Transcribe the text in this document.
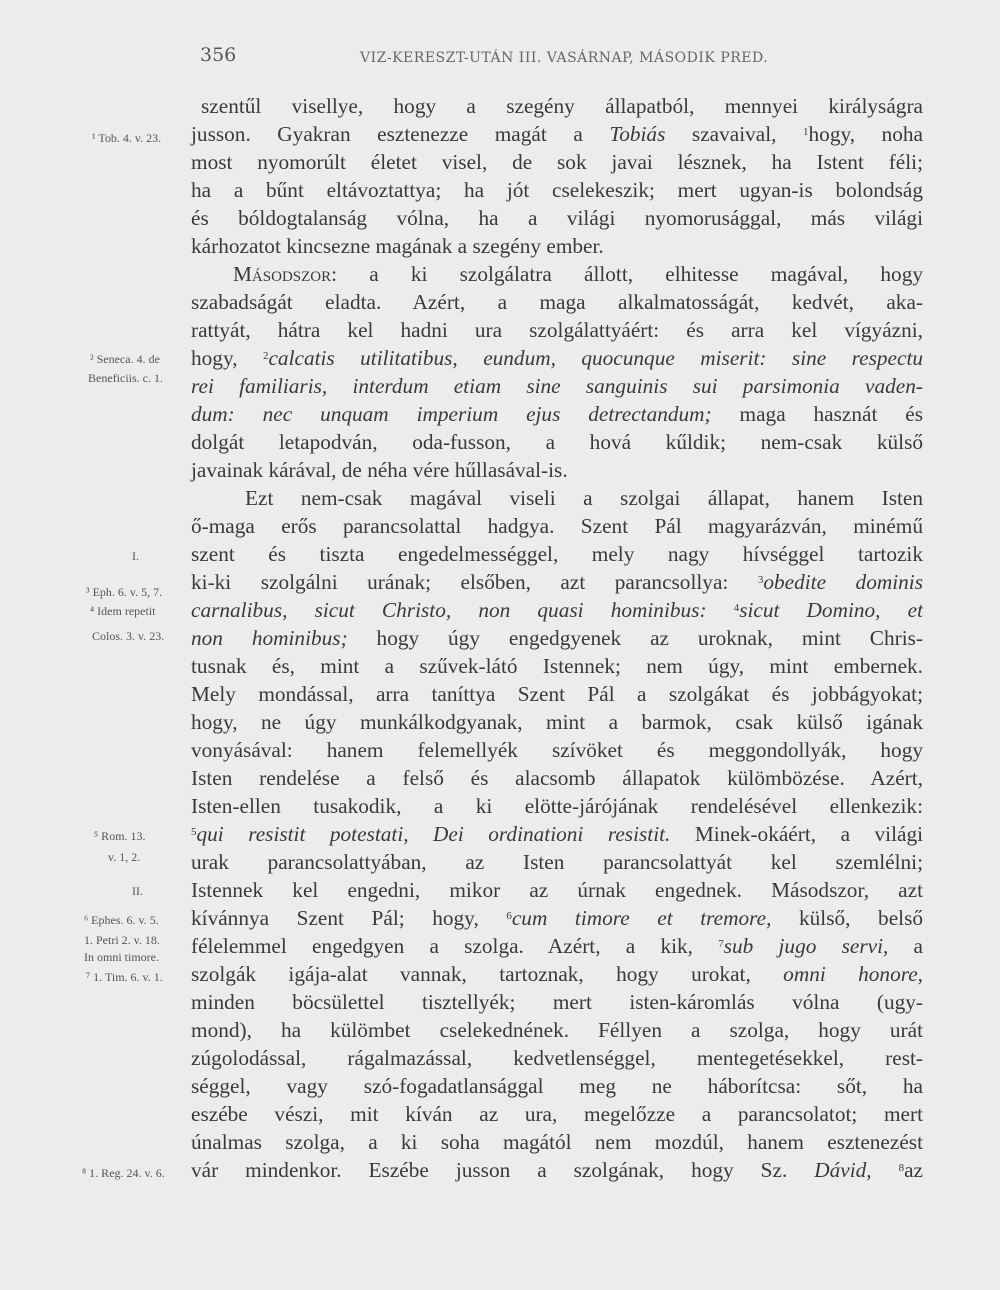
356	VIZ-KERESZT-UTÁN III. VASÁRNAP, MÁSODIK PRED.
¹ Tob. 4. v. 23.
² Seneca. 4. de
Beneficiis. c. 1.
I.
³ Eph. 6. v. 5, 7.
⁴ Idem repetit
Colos. 3. v. 23.
⁵ Rom. 13.
v. 1, 2.
II.
⁶ Ephes. 6. v. 5.
1. Petri 2. v. 18.
In omni timore.
⁷ 1. Tim. 6. v. 1.
⁸ 1. Reg. 24. v. 6.
szentűl visellye, hogy a szegény állapatból, mennyei királyságra
jusson. Gyakran esztenezze magát a Tobiás szavaival, $^1$hogy, noha
most nyomorúlt életet visel, de sok javai lésznek, ha Istent féli;
ha a bűnt eltávoztattya; ha jót cselekeszik; mert ugyan-is bolondság
és bóldogtalanság vólna, ha a világi nyomorusággal, más világi
kárhozatot kincsezne magának a szegény ember.
Másodszor: a ki szolgálatra állott, elhitesse magával, hogy
szabadságát eladta. Azért, a maga alkalmatosságát, kedvét, aka-
rattyát, hátra kel hadni ura szolgálattyáért: és arra kel vígyázni,
hogy, $^2$calcatis utilitatibus, eundum, quocunque miserit: sine respectu
rei familiaris, interdum etiam sine sanguinis sui parsimonia vaden-
dum: nec unquam imperium ejus detrectandum; maga hasznát és
dolgát letapodván, oda-fusson, a hová kűldik; nem-csak külső
javainak kárával, de néha vére hűllasával-is.
Ezt nem-csak magával viseli a szolgai állapat, hanem Isten
ő-maga erős parancsolattal hadgya. Szent Pál magyarázván, minémű
szent és tiszta engedelmességgel, mely nagy hívséggel tartozik
ki-ki szolgálni urának; elsőben, azt parancsollya: $^3$obedite dominis
carnalibus, sicut Christo, non quasi hominibus: $^4$sicut Domino, et
non hominibus; hogy úgy engedgyenek az uroknak, mint Chris-
tusnak és, mint a szűvek-látó Istennek; nem úgy, mint embernek.
Mely mondással, arra taníttya Szent Pál a szolgákat és jobbágyokat;
hogy, ne úgy munkálkodgyanak, mint a barmok, csak külső igának
vonyásával: hanem felemellyék szívöket és meggondollyák, hogy
Isten rendelése a felső és alacsomb állapatok külömbözése. Azért,
Isten-ellen tusakodik, a ki elötte-járójának rendelésével ellenkezik:
$^5$qui resistit potestati, Dei ordinationi resistit. Minek-okáért, a világi
urak parancsolattyában, az Isten parancsolattyát kel szemlélni;
Istennek kel engedni, mikor az úrnak engednek. Másodszor, azt
kívánnya Szent Pál; hogy, $^6$cum timore et tremore, külső, belső
félelemmel engedgyen a szolga. Azért, a kik, $^7$sub jugo servi, a
szolgák igája-alat vannak, tartoznak, hogy urokat, omni honore,
minden böcsülettel tisztellyék; mert isten-káromlás vólna (ugy-
mond), ha külömbet cselekednének. Féllyen a szolga, hogy urát
zúgolodással, rágalmazással, kedvetlenséggel, mentegetésekkel, rest-
séggel, vagy szó-fogadatlansággal meg ne háborítcsa: sőt, ha
eszébe vészi, mit kíván az ura, megelőzze a parancsolatot; mert
únalmas szolga, a ki soha magától nem mozdúl, hanem esztenezést
vár mindenkor. Eszébe jusson a szolgának, hogy Sz. Dávid, $^8$az
